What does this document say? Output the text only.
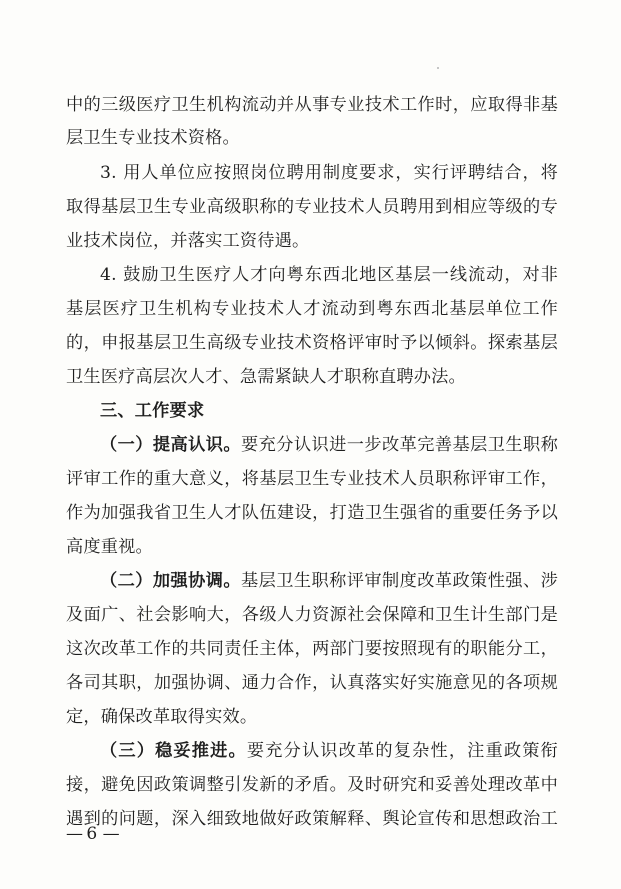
中的三级医疗卫生机构流动并从事专业技术工作时，应取得非基
层卫生专业技术资格。
3. 用人单位应按照岗位聘用制度要求，实行评聘结合，将
取得基层卫生专业高级职称的专业技术人员聘用到相应等级的专
业技术岗位，并落实工资待遇。
4. 鼓励卫生医疗人才向粤东西北地区基层一线流动，对非
基层医疗卫生机构专业技术人才流动到粤东西北基层单位工作
的，申报基层卫生高级专业技术资格评审时予以倾斜。探索基层
卫生医疗高层次人才、急需紧缺人才职称直聘办法。
三、工作要求
（一）提高认识。要充分认识进一步改革完善基层卫生职称
评审工作的重大意义，将基层卫生专业技术人员职称评审工作，
作为加强我省卫生人才队伍建设，打造卫生强省的重要任务予以
高度重视。
（二）加强协调。基层卫生职称评审制度改革政策性强、涉
及面广、社会影响大，各级人力资源社会保障和卫生计生部门是
这次改革工作的共同责任主体，两部门要按照现有的职能分工，
各司其职，加强协调、通力合作，认真落实好实施意见的各项规
定，确保改革取得实效。
（三）稳妥推进。要充分认识改革的复杂性，注重政策衔
接，避免因政策调整引发新的矛盾。及时研究和妥善处理改革中
遇到的问题，深入细致地做好政策解释、舆论宣传和思想政治工
— 6 —
